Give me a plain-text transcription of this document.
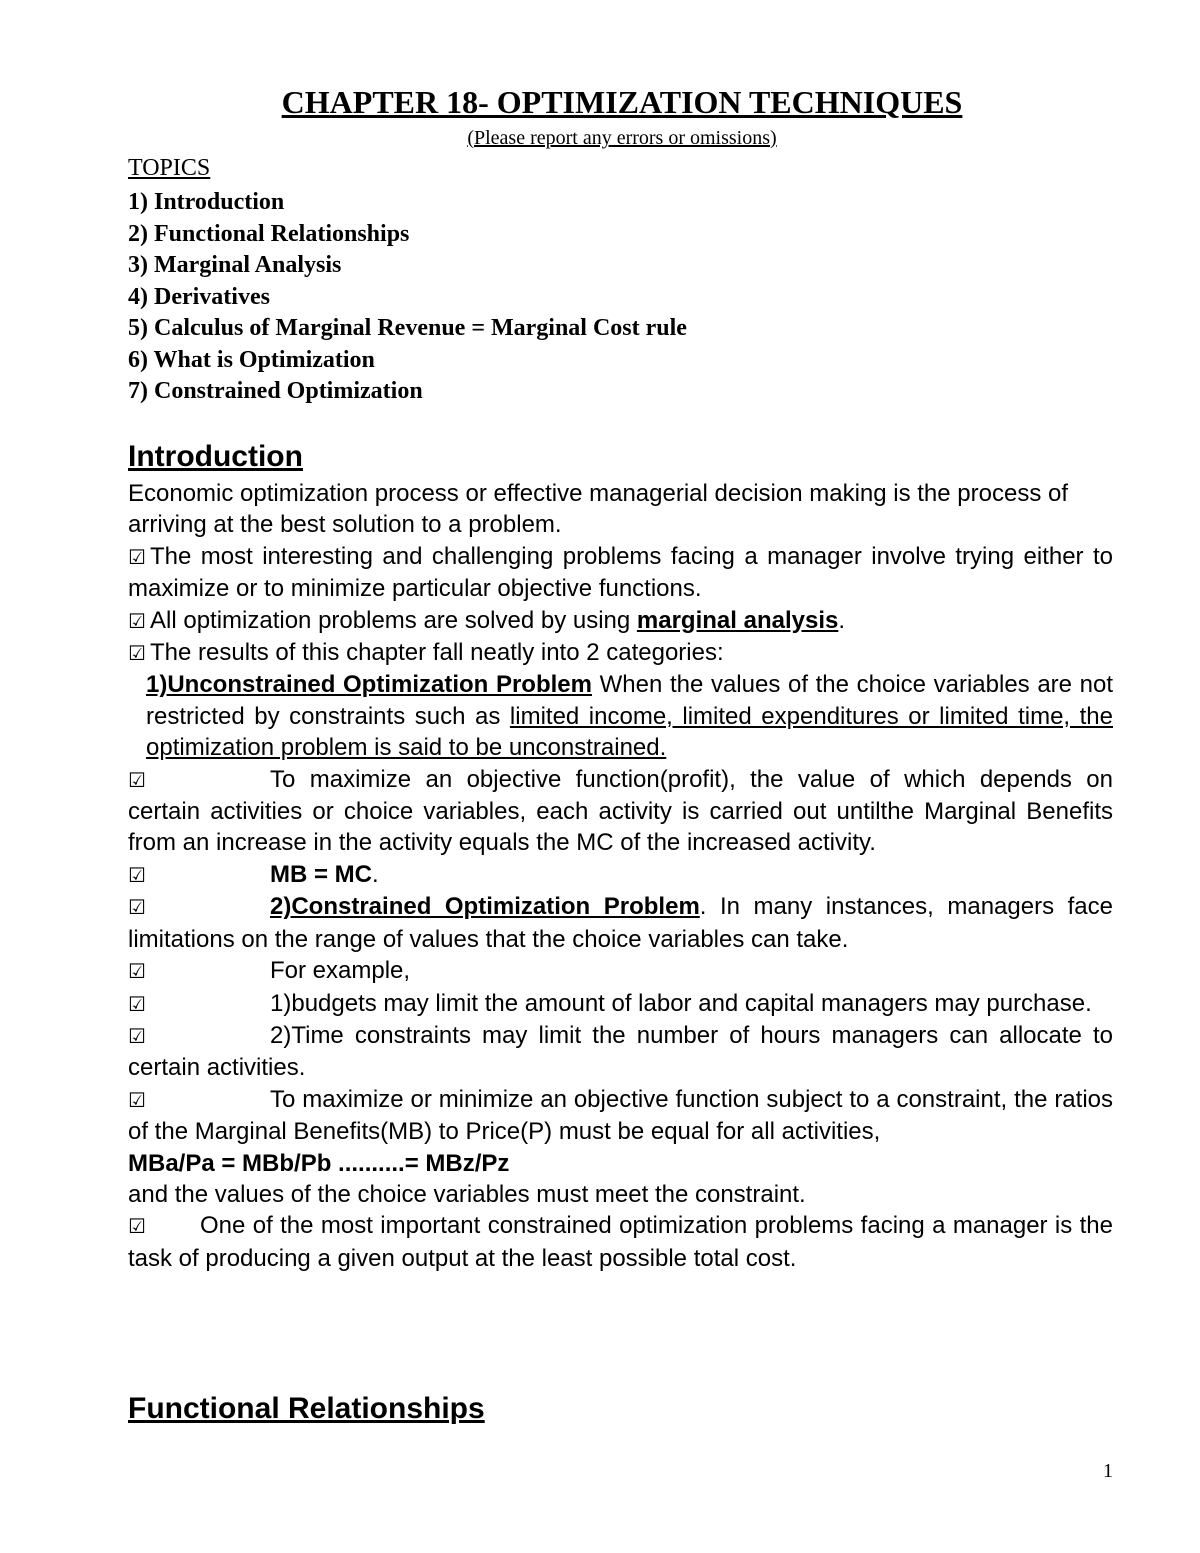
CHAPTER 18- OPTIMIZATION TECHNIQUES
(Please report any errors or omissions)
TOPICS
1) Introduction
2) Functional Relationships
3) Marginal Analysis
4) Derivatives
5) Calculus of Marginal Revenue = Marginal Cost rule
6) What is Optimization
7) Constrained Optimization
Introduction

Economic optimization process or effective managerial decision making is the process of arriving at the best solution to a problem.

☑ The most interesting and challenging problems facing a manager involve trying either to maximize or to minimize particular objective functions.

☑ All optimization problems are solved by using marginal analysis.

☑ The results of this chapter fall neatly into 2 categories:

1)Unconstrained Optimization Problem When the values of the choice variables are not restricted by constraints such as limited income, limited expenditures or limited time, the optimization problem is said to be unconstrained.

☑	To maximize an objective function(profit), the value of which depends on certain activities or choice variables, each activity is carried out untilthe Marginal Benefits from an increase in the activity equals the MC of the increased activity.

☑	MB = MC.

☑	2)Constrained Optimization Problem. In many instances, managers face limitations on the range of values that the choice variables can take.

☑	For example,

☑	1)budgets may limit the amount of labor and capital managers may purchase.

☑	2)Time constraints may limit the number of hours managers can allocate to certain activities.

☑	To maximize or minimize an objective function subject to a constraint, the ratios of the Marginal Benefits(MB) to Price(P) must be equal for all activities,

MBa/Pa = MBb/Pb ..........= MBz/Pz

and the values of the choice variables must meet the constraint.

☑ One of the most important constrained optimization problems facing a manager is the task of producing a given output at the least possible total cost.

Functional Relationships
1
